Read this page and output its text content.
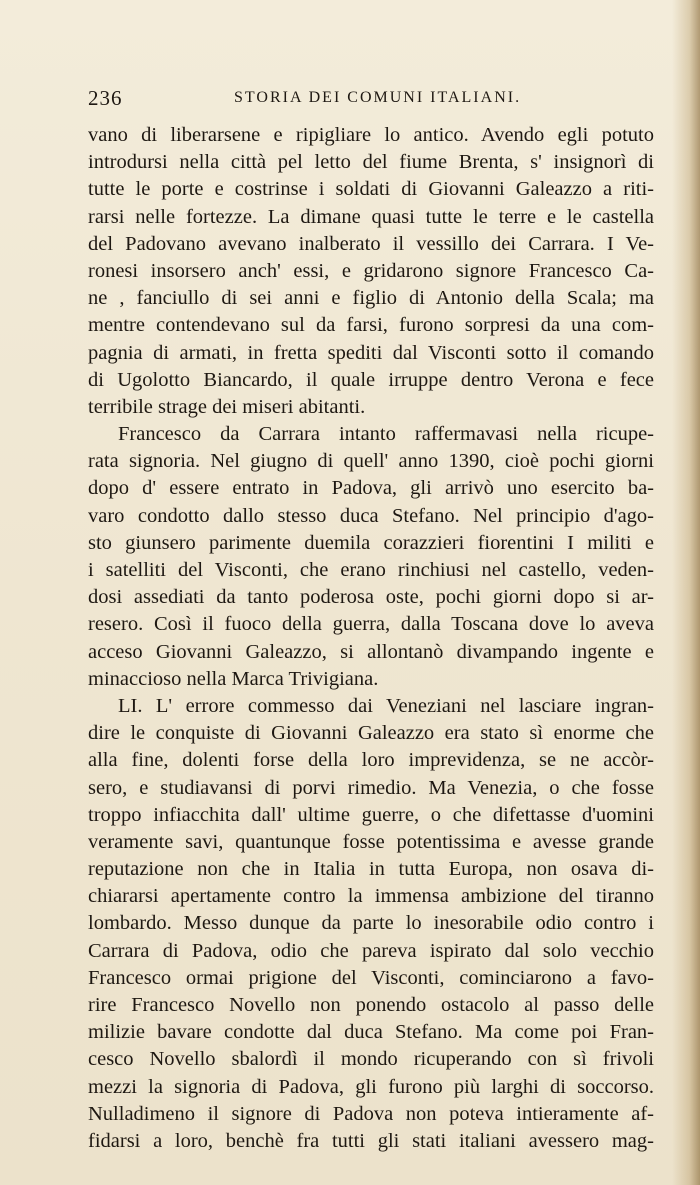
236	STORIA DEI COMUNI ITALIANI.
vano di liberarsene e ripigliare lo antico. Avendo egli potuto
introdursi nella città pel letto del fiume Brenta, s' insignorì di
tutte le porte e costrinse i soldati di Giovanni Galeazzo a riti-
rarsi nelle fortezze. La dimane quasi tutte le terre e le castella
del Padovano avevano inalberato il vessillo dei Carrara. I Ve-
ronesi insorsero anch' essi, e gridarono signore Francesco Ca-
ne , fanciullo di sei anni e figlio di Antonio della Scala; ma
mentre contendevano sul da farsi, furono sorpresi da una com-
pagnia di armati, in fretta spediti dal Visconti sotto il comando
di Ugolotto Biancardo, il quale irruppe dentro Verona e fece
terribile strage dei miseri abitanti.
Francesco da Carrara intanto raffermavasi nella ricupe-
rata signoria. Nel giugno di quell' anno 1390, cioè pochi giorni
dopo d' essere entrato in Padova, gli arrivò uno esercito ba-
varo condotto dallo stesso duca Stefano. Nel principio d'ago-
sto giunsero parimente duemila corazzieri fiorentini I militi e
i satelliti del Visconti, che erano rinchiusi nel castello, veden-
dosi assediati da tanto poderosa oste, pochi giorni dopo si ar-
resero. Così il fuoco della guerra, dalla Toscana dove lo aveva
acceso Giovanni Galeazzo, si allontanò divampando ingente e
minaccioso nella Marca Trivigiana.
LI. L' errore commesso dai Veneziani nel lasciare ingran-
dire le conquiste di Giovanni Galeazzo era stato sì enorme che
alla fine, dolenti forse della loro imprevidenza, se ne accòr-
sero, e studiavansi di porvi rimedio. Ma Venezia, o che fosse
troppo infiacchita dall' ultime guerre, o che difettasse d'uomini
veramente savi, quantunque fosse potentissima e avesse grande
reputazione non che in Italia in tutta Europa, non osava di-
chiararsi apertamente contro la immensa ambizione del tiranno
lombardo. Messo dunque da parte lo inesorabile odio contro i
Carrara di Padova, odio che pareva ispirato dal solo vecchio
Francesco ormai prigione del Visconti, cominciarono a favo-
rire Francesco Novello non ponendo ostacolo al passo delle
milizie bavare condotte dal duca Stefano. Ma come poi Fran-
cesco Novello sbalordì il mondo ricuperando con sì frivoli
mezzi la signoria di Padova, gli furono più larghi di soccorso.
Nulladimeno il signore di Padova non poteva intieramente af-
fidarsi a loro, benchè fra tutti gli stati italiani avessero mag-
